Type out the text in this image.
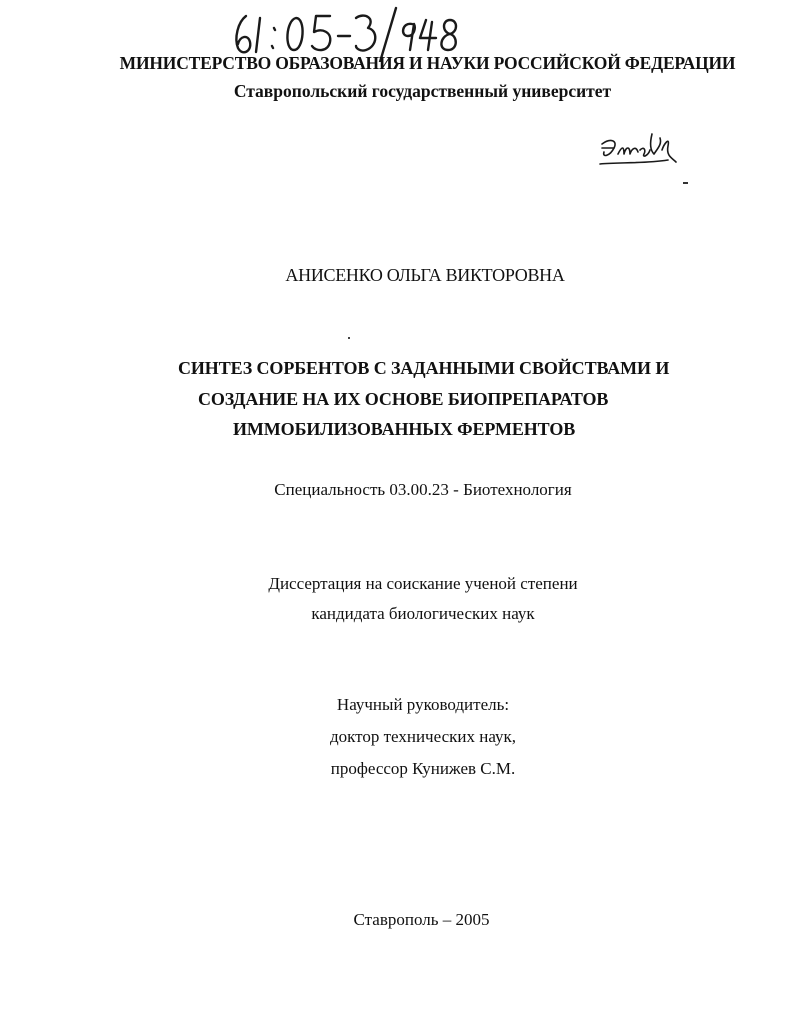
МИНИСТЕРСТВО ОБРАЗОВАНИЯ И НАУКИ РОССИЙСКОЙ ФЕДЕРАЦИИ
Ставропольский государственный университет
АНИСЕНКО ОЛЬГА ВИКТОРОВНА
СИНТЕЗ СОРБЕНТОВ С ЗАДАННЫМИ СВОЙСТВАМИ И
СОЗДАНИЕ НА ИХ ОСНОВЕ БИОПРЕПАРАТОВ
ИММОБИЛИЗОВАННЫХ ФЕРМЕНТОВ
Специальность 03.00.23 - Биотехнология
Диссертация на соискание ученой степени
кандидата биологических наук
Научный руководитель:
доктор технических наук,
профессор Кунижев С.М.
Ставрополь – 2005
